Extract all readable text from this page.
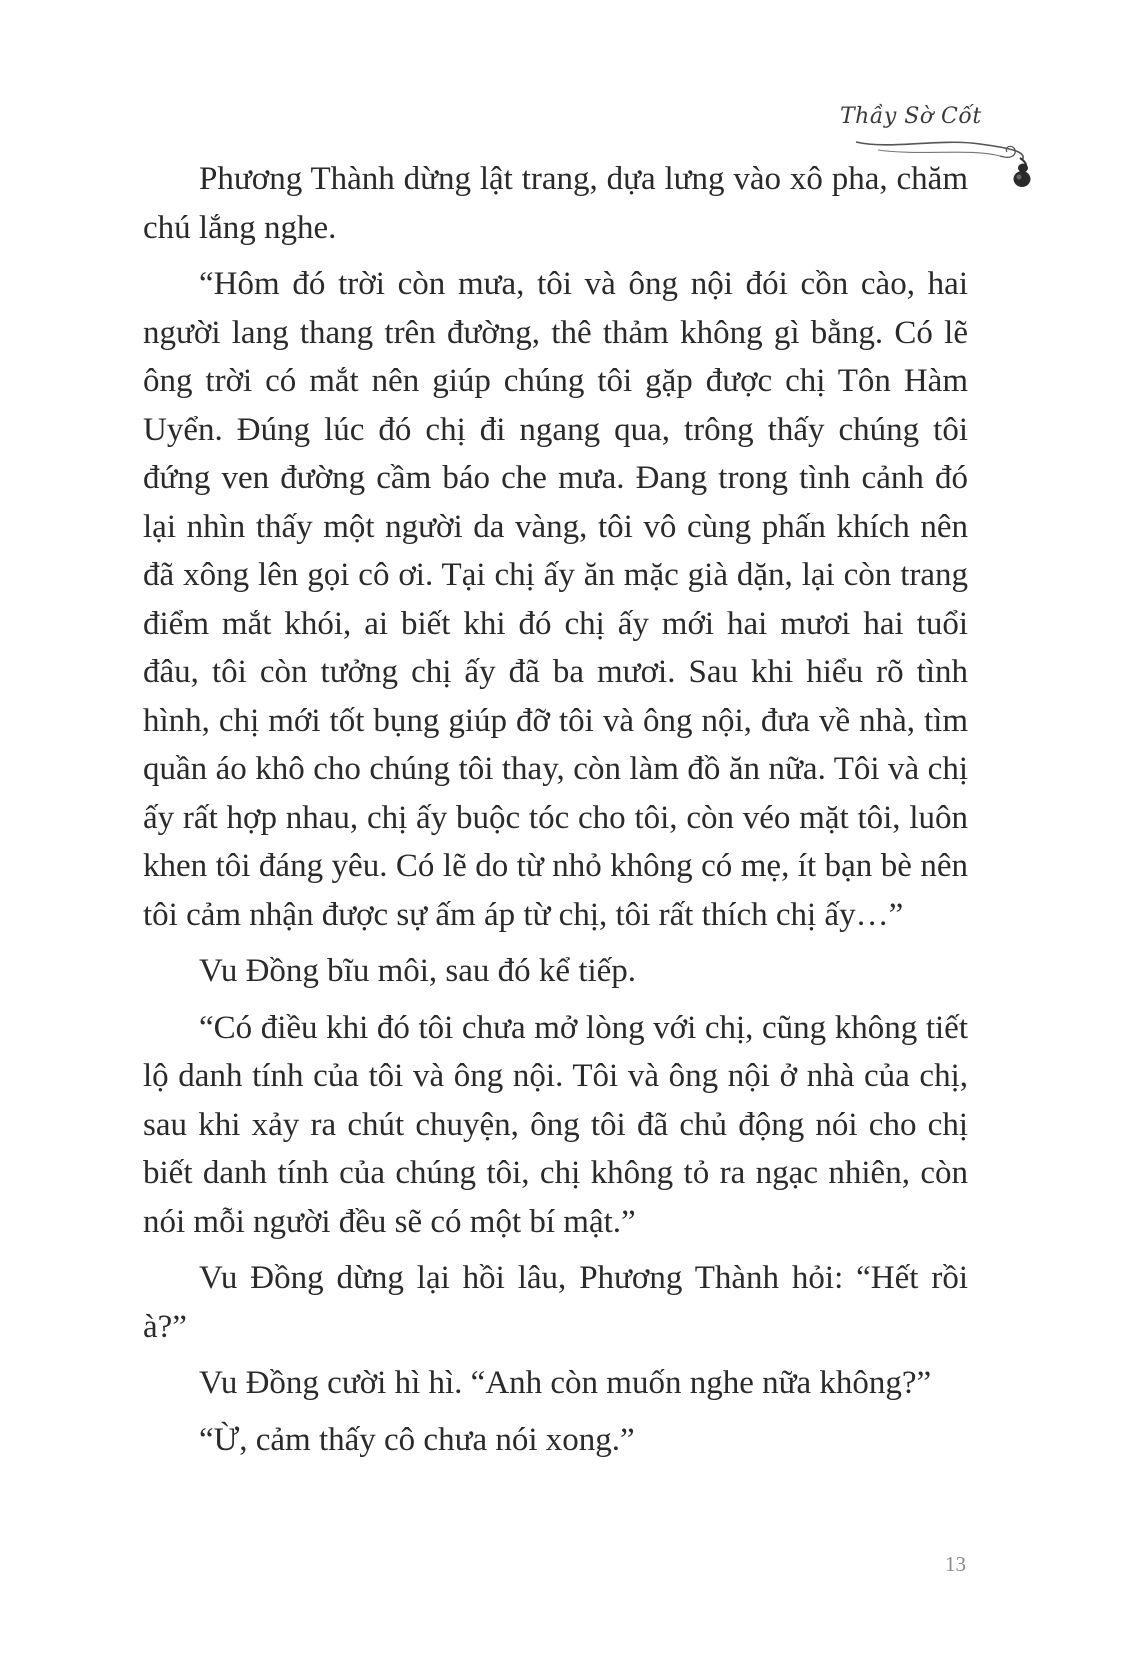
Thầy Sờ Cốt

Phương Thành dừng lật trang, dựa lưng vào xô pha, chăm chú lắng nghe.

“Hôm đó trời còn mưa, tôi và ông nội đói cồn cào, hai người lang thang trên đường, thê thảm không gì bằng. Có lẽ ông trời có mắt nên giúp chúng tôi gặp được chị Tôn Hàm Uyển. Đúng lúc đó chị đi ngang qua, trông thấy chúng tôi đứng ven đường cầm báo che mưa. Đang trong tình cảnh đó lại nhìn thấy một người da vàng, tôi vô cùng phấn khích nên đã xông lên gọi cô ơi. Tại chị ấy ăn mặc già dặn, lại còn trang điểm mắt khói, ai biết khi đó chị ấy mới hai mươi hai tuổi đâu, tôi còn tưởng chị ấy đã ba mươi. Sau khi hiểu rõ tình hình, chị mới tốt bụng giúp đỡ tôi và ông nội, đưa về nhà, tìm quần áo khô cho chúng tôi thay, còn làm đồ ăn nữa. Tôi và chị ấy rất hợp nhau, chị ấy buộc tóc cho tôi, còn véo mặt tôi, luôn khen tôi đáng yêu. Có lẽ do từ nhỏ không có mẹ, ít bạn bè nên tôi cảm nhận được sự ấm áp từ chị, tôi rất thích chị ấy…”

Vu Đồng bĩu môi, sau đó kể tiếp.

“Có điều khi đó tôi chưa mở lòng với chị, cũng không tiết lộ danh tính của tôi và ông nội. Tôi và ông nội ở nhà của chị, sau khi xảy ra chút chuyện, ông tôi đã chủ động nói cho chị biết danh tính của chúng tôi, chị không tỏ ra ngạc nhiên, còn nói mỗi người đều sẽ có một bí mật.”

Vu Đồng dừng lại hồi lâu, Phương Thành hỏi: “Hết rồi à?”

Vu Đồng cười hì hì. “Anh còn muốn nghe nữa không?”

“Ừ, cảm thấy cô chưa nói xong.”

13
